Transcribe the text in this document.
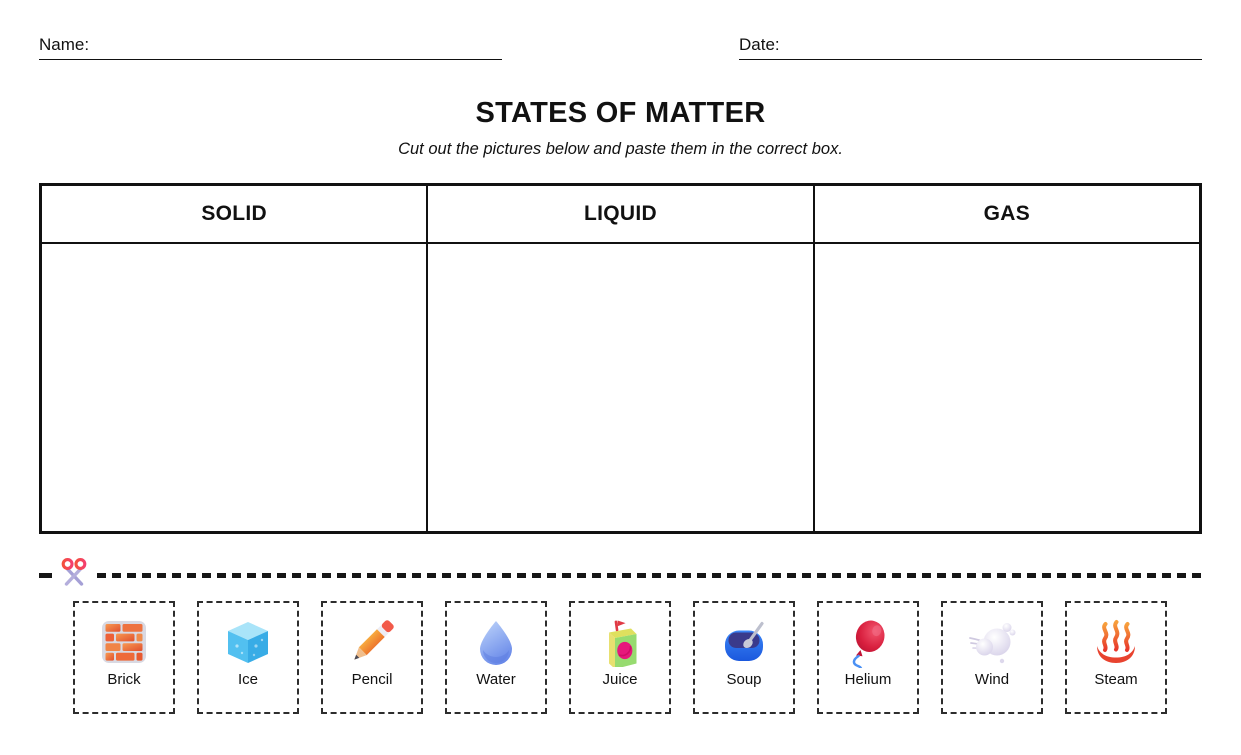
Name:	Date:
STATES OF MATTER
Cut out the pictures below and paste them in the correct box.
SOLID	LIQUID	GAS
Brick	Ice	Pencil	Water	Juice	Soup	Helium	Wind	Steam
